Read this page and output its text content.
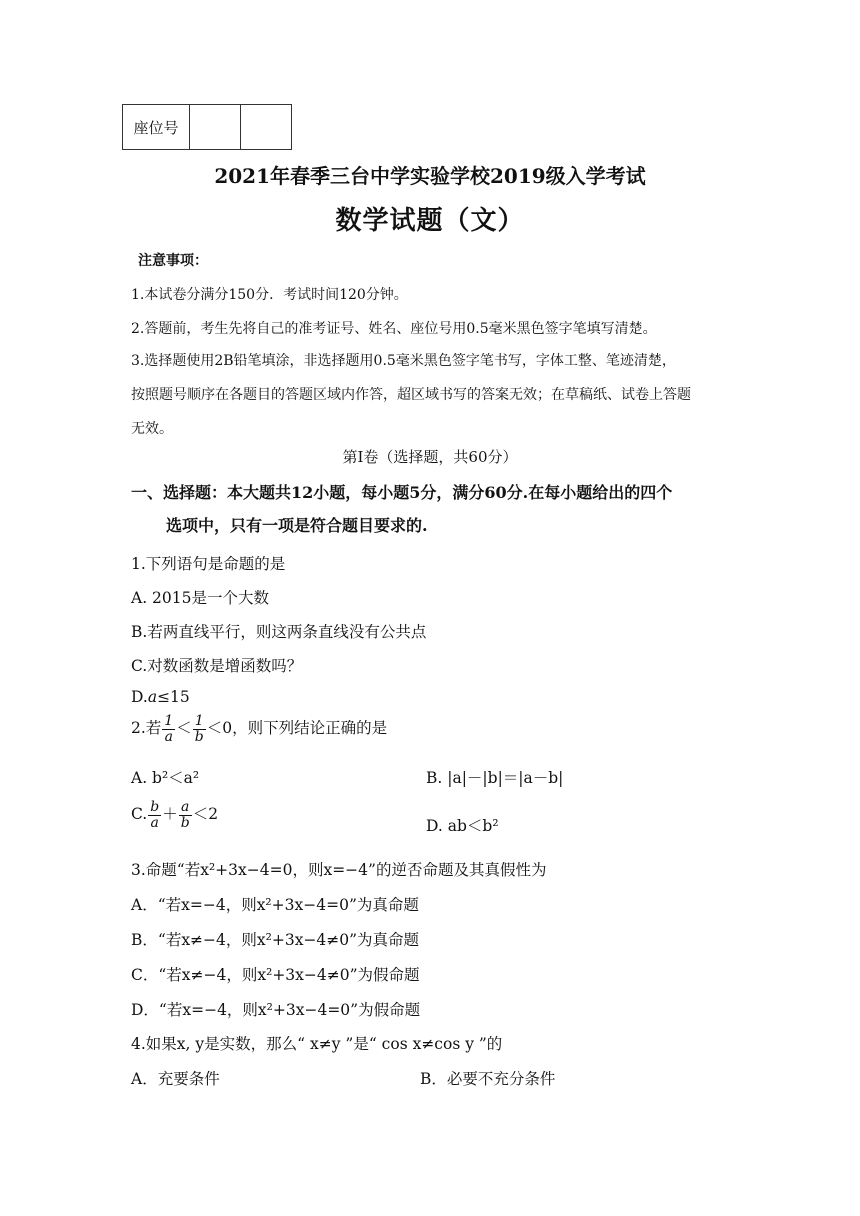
座位号		
2021年春季三台中学实验学校2019级入学考试
数学试题（文）
注意事项：
1.本试卷分满分150分．考试时间120分钟。
2.答题前，考生先将自己的准考证号、姓名、座位号用0.5毫米黑色签字笔填写清楚。
3.选择题使用2B铅笔填涂，非选择题用0.5毫米黑色签字笔书写，字体工整、笔迹清楚，
按照题号顺序在各题目的答题区域内作答，超区域书写的答案无效；在草稿纸、试卷上答题
无效。
第Ⅰ卷（选择题，共60分）
一、选择题：本大题共12小题，每小题5分，满分60分.在每小题给出的四个
选项中，只有一项是符合题目要求的.
1.下列语句是命题的是
A. 2015是一个大数
B.若两直线平行，则这两条直线没有公共点
C.对数函数是增函数吗？
D.a≤15
2.若 $\frac{1}{a} < \frac{1}{b} <0$，则下列结论正确的是
A. b²＜a²	B. |a|－|b|＝|a－b|
C. $\frac{b}{a} + \frac{a}{b} <2$
D. ab＜b²
3.命题“若x²+3x−4=0，则x=−4”的逆否命题及其真假性为
A．“若x=−4，则x²+3x−4=0”为真命题
B．“若x≠−4，则x²+3x−4≠0”为真命题
C．“若x≠−4，则x²+3x−4≠0”为假命题
D．“若x=−4，则x²+3x−4=0”为假命题
4.如果x, y是实数，那么“ x≠y ”是“ cos x≠cos y ”的
A．充要条件	B．必要不充分条件
